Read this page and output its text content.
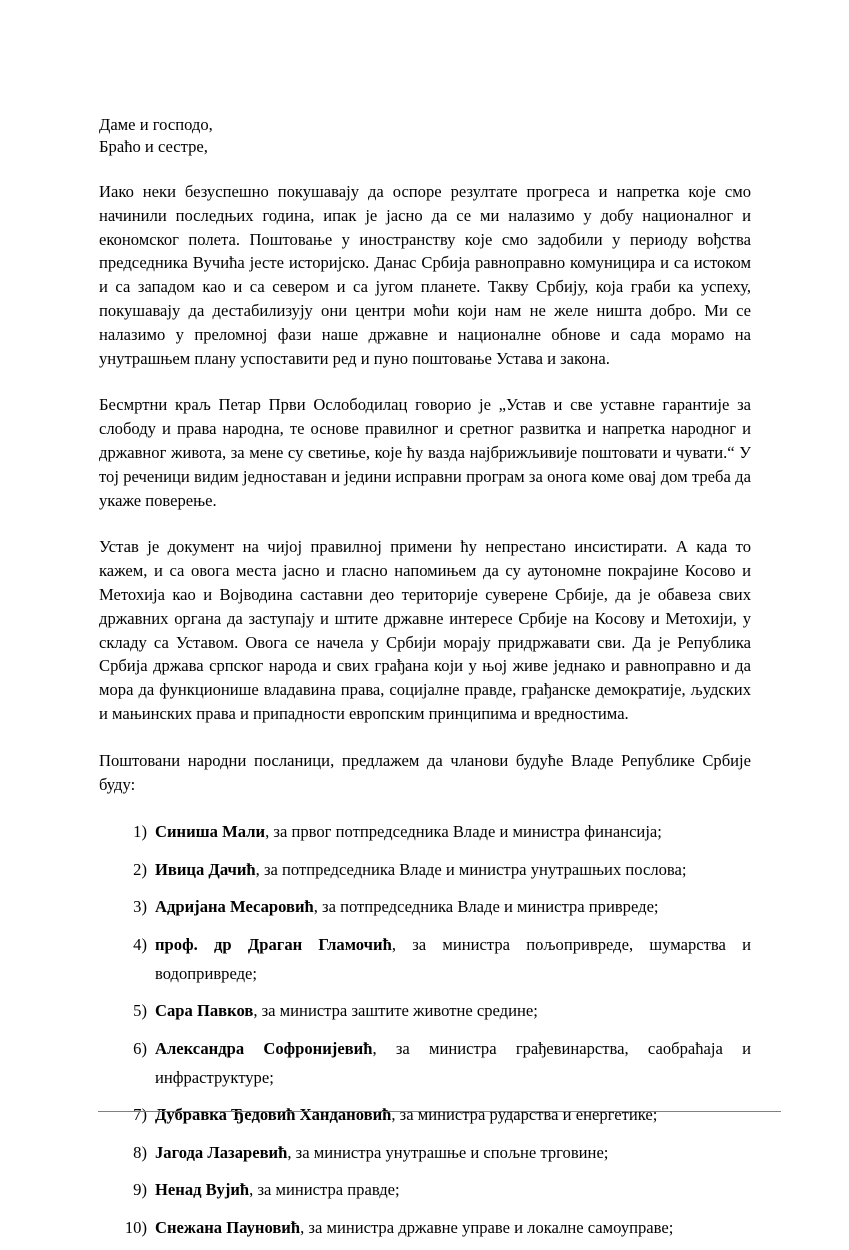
Даме и господо,
Браћо и сестре,

Иако неки безуспешно покушавају да оспоре резултате прогреса и напретка које смо начинили последњих година, ипак је јасно да се ми налазимо у добу националног и економског полета. Поштовање у иностранству које смо задобили у периоду вођства председника Вучића јесте историјско. Данас Србија равноправно комуницира и са истоком и са западом као и са севером и са југом планете. Такву Србију, која граби ка успеху, покушавају да дестабилизују они центри моћи који нам не желе ништа добро. Ми се налазимо у преломној фази наше државне и националне обнове и сада морамо на унутрашњем плану успоставити ред и пуно поштовање Устава и закона.

Бесмртни краљ Петар Први Ослободилац говорио је „Устав и све уставне гарантије за слободу и права народна, те основе правилног и сретног развитка и напретка народног и државног живота, за мене су светиње, које ћу вазда најбрижљивије поштовати и чувати.“ У тој реченици видим једноставан и једини исправни програм за онога коме овај дом треба да укаже поверење.

Устав је документ на чијој правилној примени ћу непрестано инсистирати. А када то кажем, и са овога места јасно и гласно напомињем да су аутономне покрајине Косово и Метохија као и Војводина саставни део територије суверене Србије, да је обавеза свих државних органа да заступају и штите државне интересе Србије на Косову и Метохији, у складу са Уставом. Овога се начела у Србији морају придржавати сви. Да је Република Србија држава српског народа и свих грађана који у њој живе једнако и равноправно и да мора да функционише владавина права, социјалне правде, грађанске демократије, људских и мањинских права и припадности европским принципима и вредностима.

Поштовани народни посланици, предлажем да чланови будуће Владе Републике Србије буду:

1) Синиша Мали, за првог потпредседника Владе и министра финансија;
2) Ивица Дачић, за потпредседника Владе и министра унутрашњих послова;
3) Адријана Месаровић, за потпредседника Владе и министра привреде;
4) проф. др Драган Гламочић, за министра пољопривреде, шумарства и водопривреде;
5) Сара Павков, за министра заштите животне средине;
6) Александра Софронијевић, за министра грађевинарства, саобраћаја и инфраструктуре;
7) Дубравка Ђедовић Хандановић, за министра рударства и енергетике;
8) Јагода Лазаревић, за министра унутрашње и спољне трговине;
9) Ненад Вујић, за министра правде;
10) Снежана Пауновић, за министра државне управе и локалне самоуправе;
